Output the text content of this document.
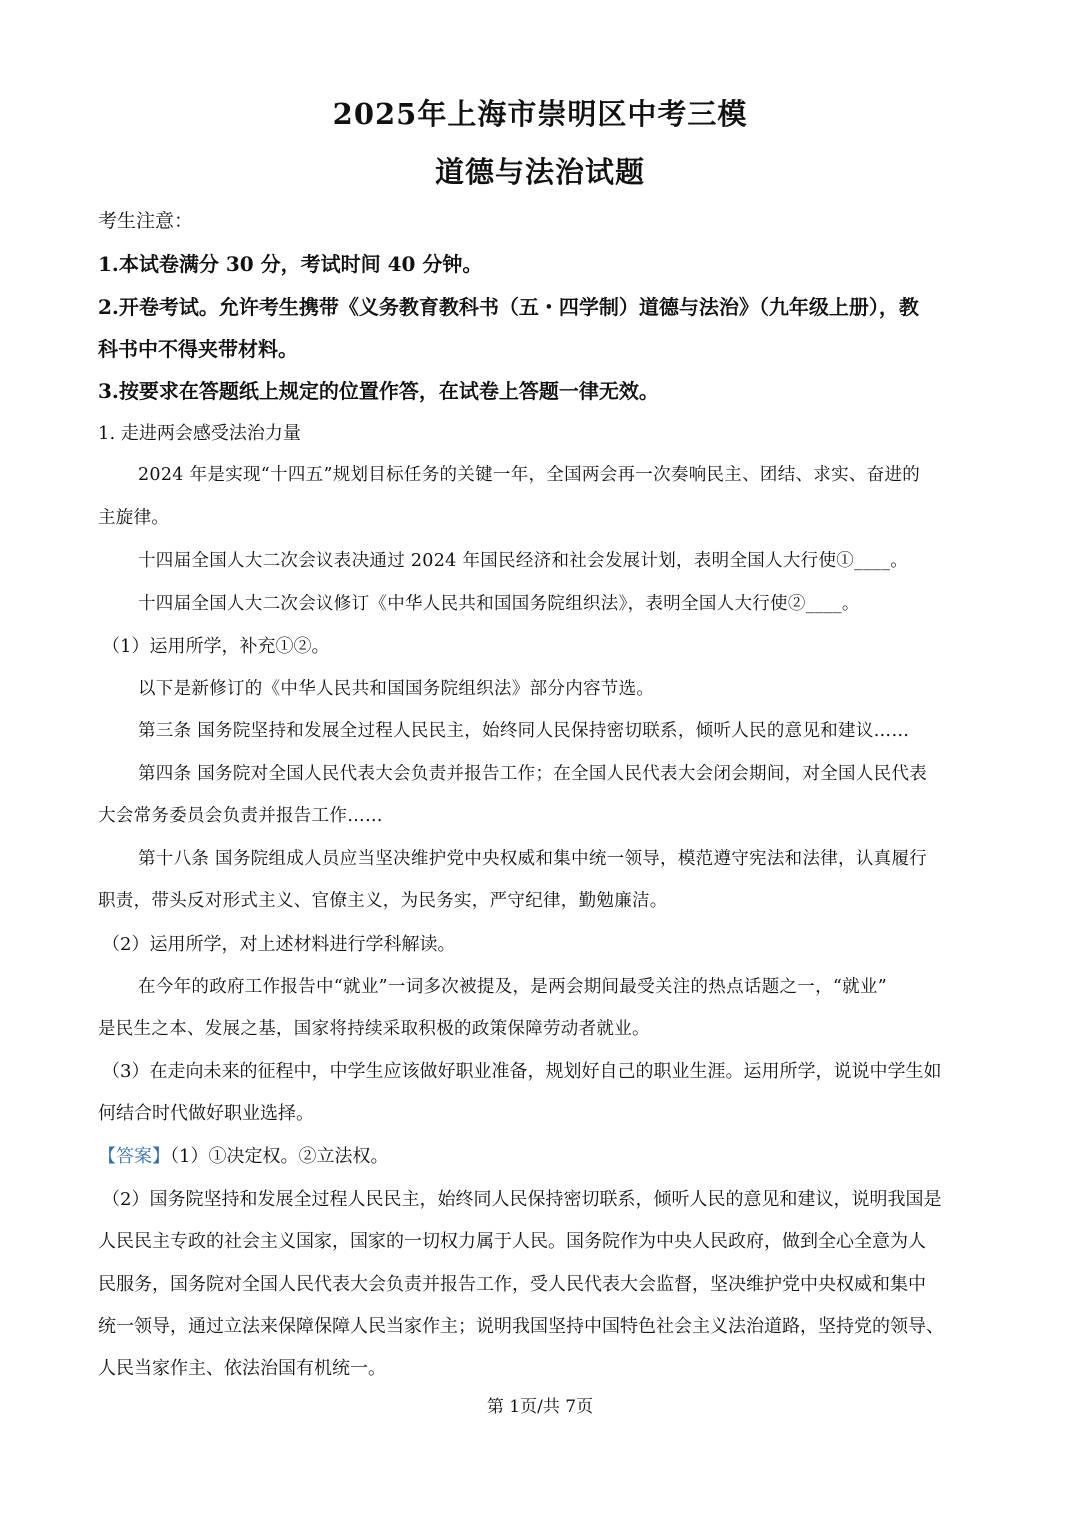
2025年上海市崇明区中考三模
道德与法治试题
考生注意：
1.本试卷满分 30 分，考试时间 40 分钟。
2.开卷考试。允许考生携带《义务教育教科书（五・四学制）道德与法治》（九年级上册），教
科书中不得夹带材料。
3.按要求在答题纸上规定的位置作答，在试卷上答题一律无效。
1. 走进两会感受法治力量
2024 年是实现“十四五”规划目标任务的关键一年，全国两会再一次奏响民主、团结、求实、奋进的
主旋律。
十四届全国人大二次会议表决通过 2024 年国民经济和社会发展计划，表明全国人大行使①____。
十四届全国人大二次会议修订《中华人民共和国国务院组织法》，表明全国人大行使②____。
（1）运用所学，补充①②。
以下是新修订的《中华人民共和国国务院组织法》部分内容节选。
第三条 国务院坚持和发展全过程人民民主，始终同人民保持密切联系，倾听人民的意见和建议……
第四条 国务院对全国人民代表大会负责并报告工作；在全国人民代表大会闭会期间，对全国人民代表
大会常务委员会负责并报告工作……
第十八条 国务院组成人员应当坚决维护党中央权威和集中统一领导，模范遵守宪法和法律，认真履行
职责，带头反对形式主义、官僚主义，为民务实，严守纪律，勤勉廉洁。
（2）运用所学，对上述材料进行学科解读。
在今年的政府工作报告中“就业”一词多次被提及，是两会期间最受关注的热点话题之一，“就业”
是民生之本、发展之基，国家将持续采取积极的政策保障劳动者就业。
（3）在走向未来的征程中，中学生应该做好职业准备，规划好自己的职业生涯。运用所学，说说中学生如
何结合时代做好职业选择。
【答案】（1）①决定权。②立法权。
（2）国务院坚持和发展全过程人民民主，始终同人民保持密切联系，倾听人民的意见和建议，说明我国是
人民民主专政的社会主义国家，国家的一切权力属于人民。国务院作为中央人民政府，做到全心全意为人
民服务，国务院对全国人民代表大会负责并报告工作，受人民代表大会监督，坚决维护党中央权威和集中
统一领导，通过立法来保障保障人民当家作主；说明我国坚持中国特色社会主义法治道路，坚持党的领导、
人民当家作主、依法治国有机统一。
第 1页/共 7页
